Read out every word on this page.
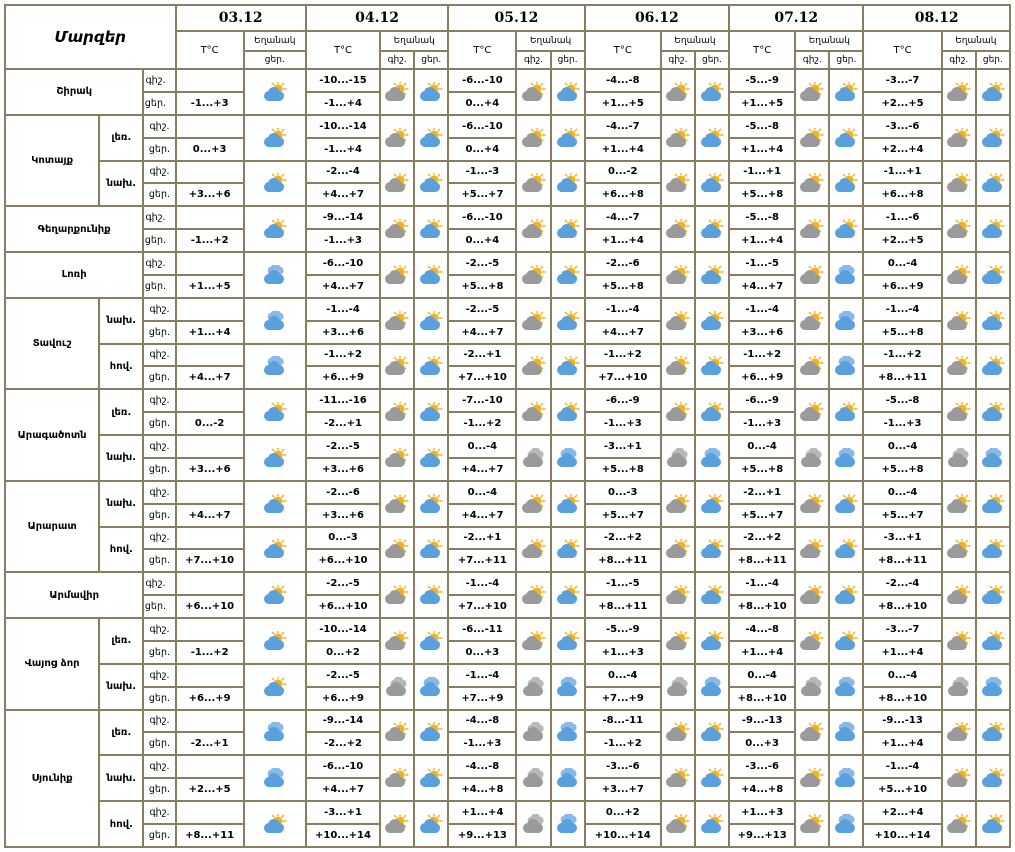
Մարզեր			03.12		04.12			05.12			06.12			07.12			08.12		
			T°C	Եղանակ	T°C	Եղանակ		T°C	Եղանակ		T°C	Եղանակ		T°C	Եղանակ		T°C	Եղանակ	
				ցեր.		գիշ.	ցեր.		գիշ.	ցեր.		գիշ.	ցեր.		գիշ.	ցեր.		գիշ.	ցեր.
Շիրակ		գիշ.			-10...-15			-6...-10			-4...-8			-5...-9			-3...-7	

		ցեր.	-1...+3		-1...+4			0...+4			+1...+5			+1...+5			+2...+5		
Կոտայք	լեռ.	գիշ.			-10...-14			-6...-10			-4...-7			-5...-8			-3...-6	

		ցեր.	0...+3		-1...+4			0...+4			+1...+4			+1...+4			+2...+4		
	նախ.	գիշ.			-2...-4			-1...-3			0...-2			-1...+1			-1...+1	

		ցեր.	+3...+6		+4...+7			+5...+7			+6...+8			+5...+8			+6...+8		
Գեղարքունիք		գիշ.			-9...-14			-6...-10			-4...-7			-5...-8			-1...-6	

		ցեր.	-1...+2		-1...+3			0...+4			+1...+4			+1...+4			+2...+5		
Լոռի		գիշ.			-6...-10			-2...-5			-2...-6			-1...-5			0...-4	

		ցեր.	+1...+5		+4...+7			+5...+8			+5...+8			+4...+7			+6...+9		
Տավուշ	նախ.	գիշ.			-1...-4			-2...-5			-1...-4			-1...-4			-1...-4	

		ցեր.	+1...+4		+3...+6			+4...+7			+4...+7			+3...+6			+5...+8		
	հով.	գիշ.			-1...+2			-2...+1			-1...+2			-1...+2			-1...+2	

		ցեր.	+4...+7		+6...+9			+7...+10			+7...+10			+6...+9			+8...+11		
Արագածոտն	լեռ.	գիշ.			-11...-16			-7...-10			-6...-9			-6...-9			-5...-8	

		ցեր.	0...-2		-2...+1			-1...+2			-1...+3			-1...+3			-1...+3		
	նախ.	գիշ.			-2...-5			0...-4			-3...+1			0...-4			0...-4	

		ցեր.	+3...+6		+3...+6			+4...+7			+5...+8			+5...+8			+5...+8		
Արարատ	նախ.	գիշ.			-2...-6			0...-4			0...-3			-2...+1			0...-4	

		ցեր.	+4...+7		+3...+6			+4...+7			+5...+7			+5...+7			+5...+7		
	հով.	գիշ.			0...-3			-2...+1			-2...+2			-2...+2			-3...+1	

		ցեր.	+7...+10		+6...+10			+7...+11			+8...+11			+8...+11			+8...+11		
Արմավիր		գիշ.			-2...-5			-1...-4			-1...-5			-1...-4			-2...-4	

		ցեր.	+6...+10		+6...+10			+7...+10			+8...+11			+8...+10			+8...+10		
Վայոց ձոր	լեռ.	գիշ.			-10...-14			-6...-11			-5...-9			-4...-8			-3...-7	

		ցեր.	-1...+2		0...+2			0...+3			+1...+3			+1...+4			+1...+4		
	նախ.	գիշ.			-2...-5			-1...-4			0...-4			0...-4			0...-4	

		ցեր.	+6...+9		+6...+9			+7...+9			+7...+9			+8...+10			+8...+10		
Սյունիք	լեռ.	գիշ.			-9...-14			-4...-8			-8...-11			-9...-13			-9...-13	

		ցեր.	-2...+1		-2...+2			-1...+3			-1...+2			0...+3			+1...+4		
	նախ.	գիշ.			-6...-10			-4...-8			-3...-6			-3...-6			-1...-4	

		ցեր.	+2...+5		+4...+7			+4...+8			+3...+7			+4...+8			+5...+10		
	հով.	գիշ.			-3...+1			+1...+4			0...+2			+1...+3			+2...+4	

		ցեր.	+8...+11		+10...+14			+9...+13			+10...+14			+9...+13			+10...+14		
